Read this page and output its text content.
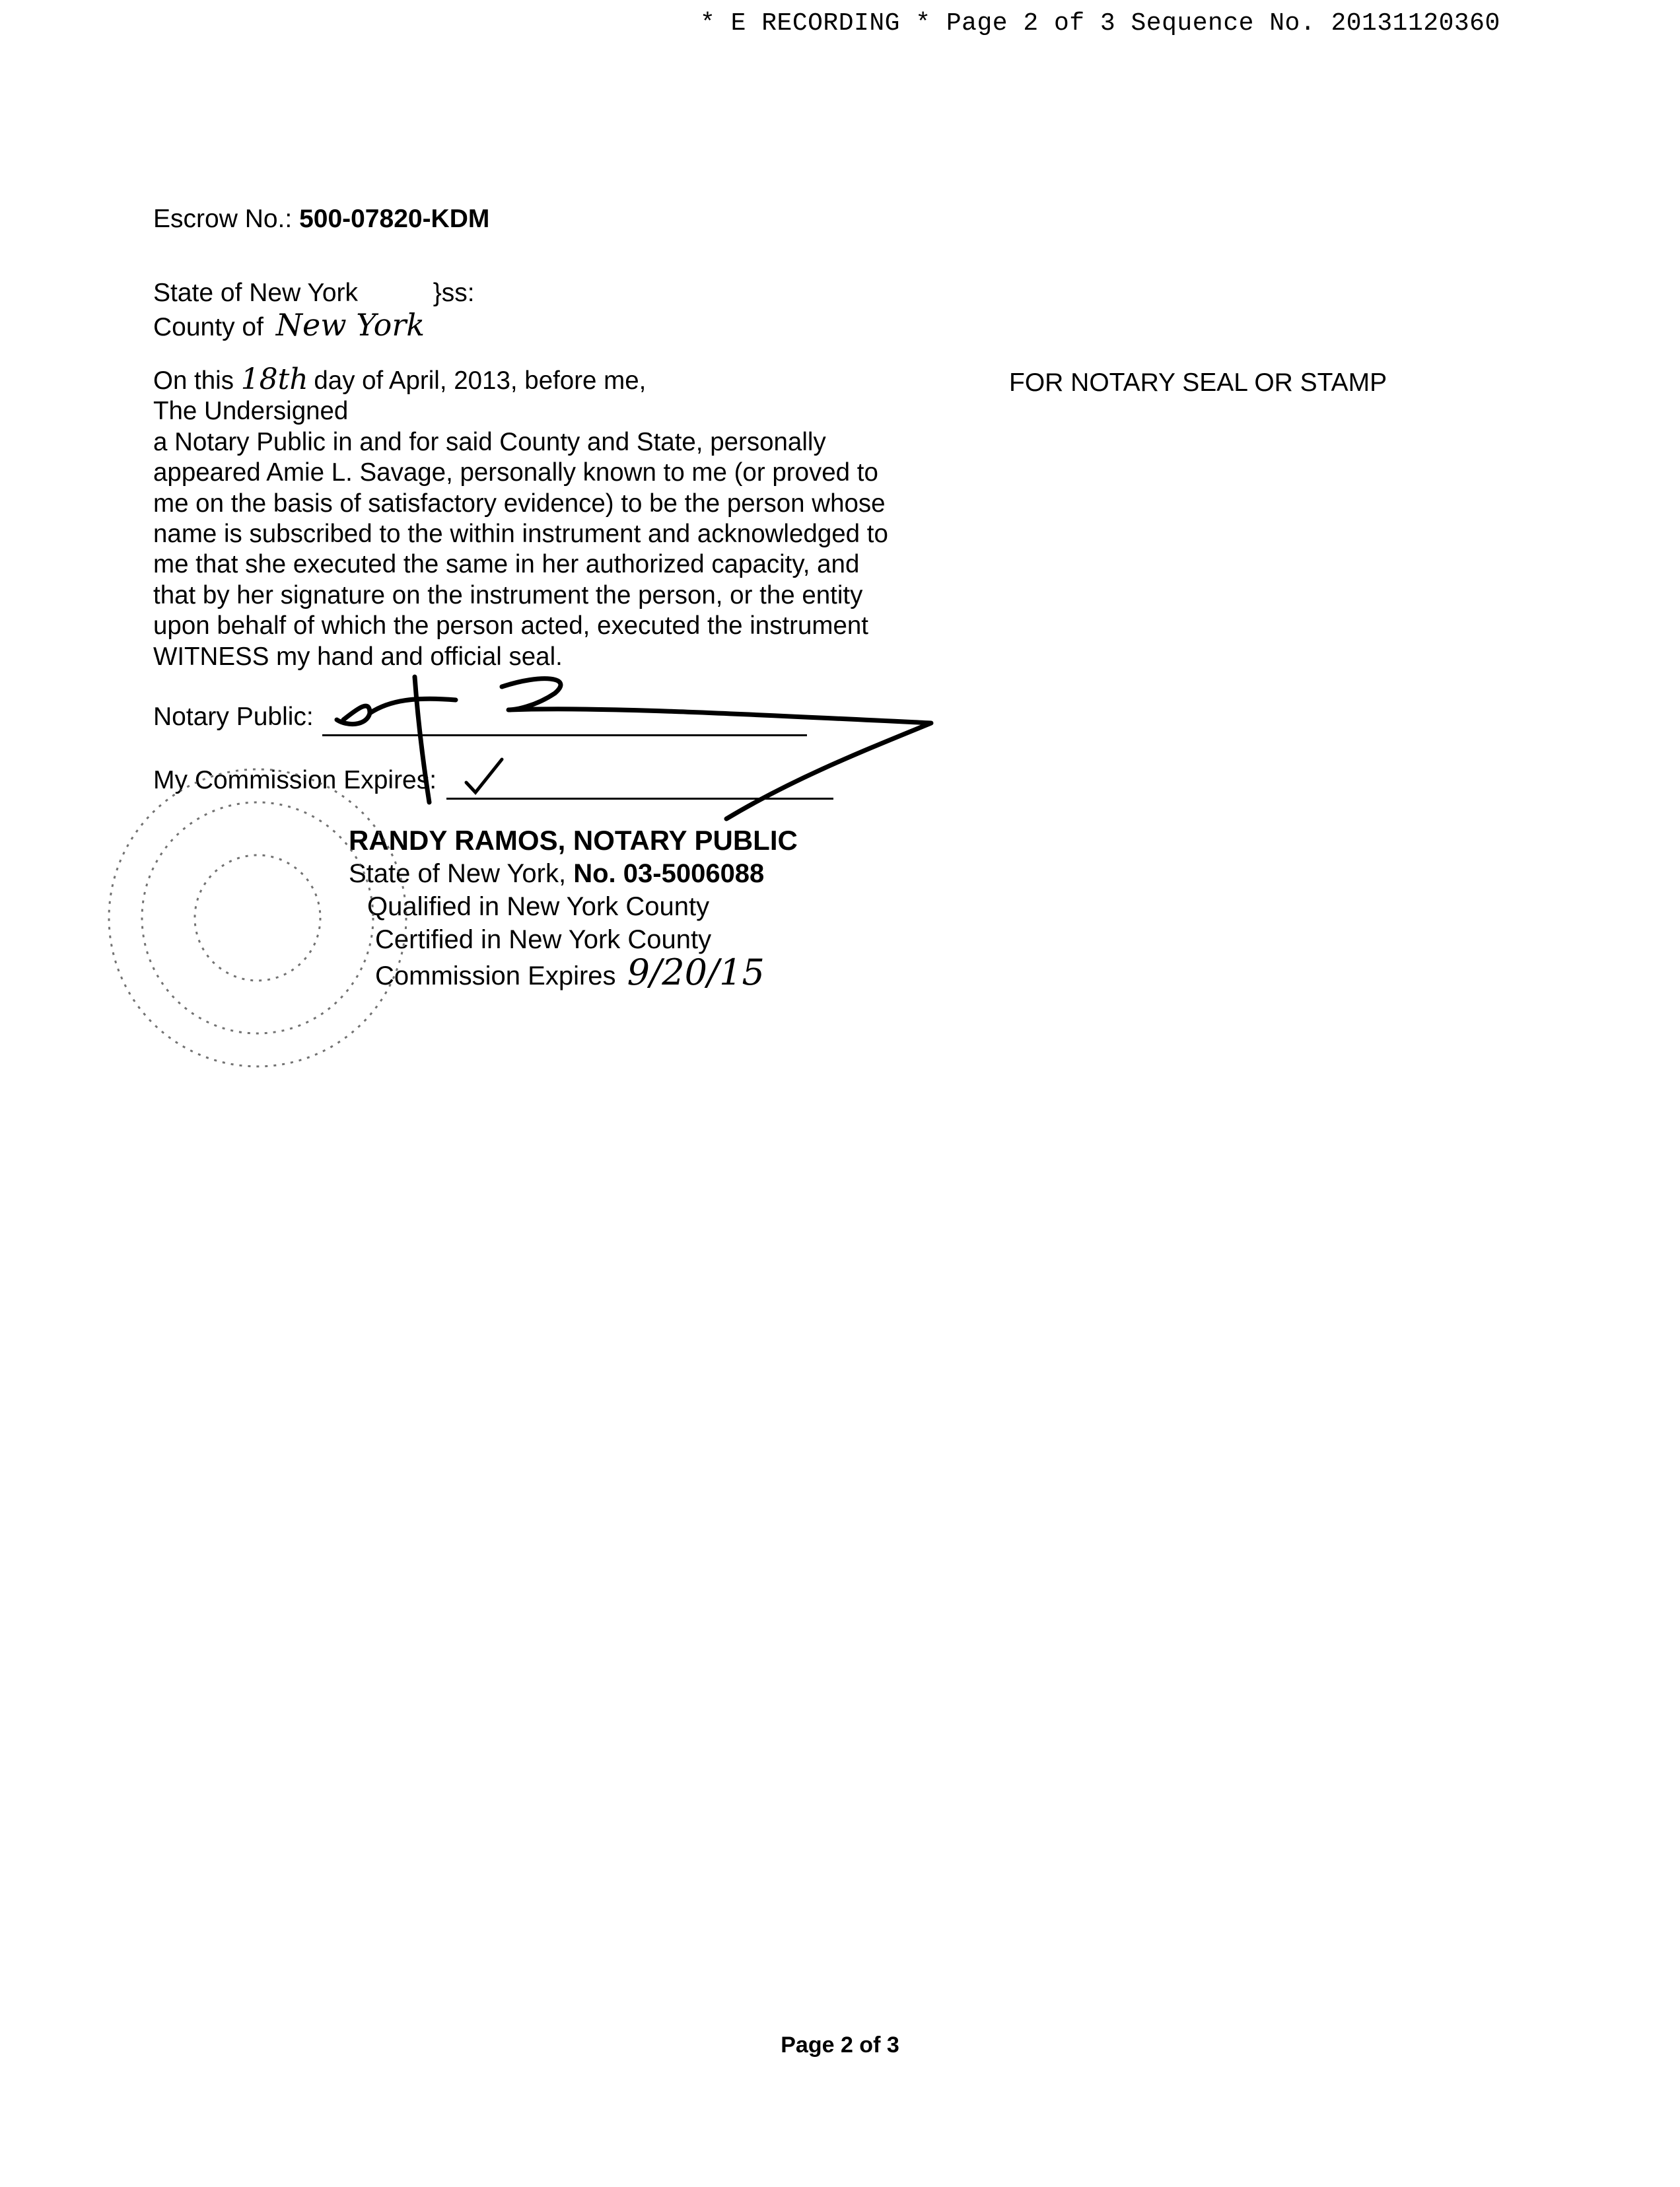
* E RECORDING * Page 2 of 3 Sequence No. 20131120360
Escrow No.: 500-07820-KDM
State of New York	}ss:
County of New York
On this 18th day of April, 2013, before me,
The Undersigned
a Notary Public in and for said County and State, personally
appeared Amie L. Savage, personally known to me (or proved to
me on the basis of satisfactory evidence) to be the person whose
name is subscribed to the within instrument and acknowledged to
me that she executed the same in her authorized capacity, and
that by her signature on the instrument the person, or the entity
upon behalf of which the person acted, executed the instrument
WITNESS my hand and official seal.
FOR NOTARY SEAL OR STAMP
Notary Public:
My Commission Expires:
RANDY RAMOS, NOTARY PUBLIC
State of New York, No. 03-5006088
Qualified in New York County
Certified in New York County
Commission Expires 9/20/15
Page 2 of 3
